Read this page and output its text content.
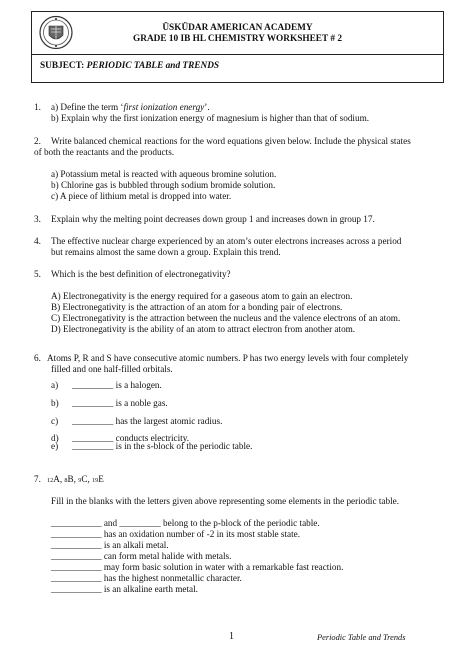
ÜSKÜDAR AMERICAN ACADEMY
GRADE 10 IB HL CHEMISTRY WORKSHEET # 2
SUBJECT: PERIODIC TABLE and TRENDS
1. a) Define the term ‘first ionization energy’.
b) Explain why the first ionization energy of magnesium is higher than that of sodium.
2. Write balanced chemical reactions for the word equations given below. Include the physical states
of both the reactants and the products.
a) Potassium metal is reacted with aqueous bromine solution.
b) Chlorine gas is bubbled through sodium bromide solution.
c) A piece of lithium metal is dropped into water.
3. Explain why the melting point decreases down group 1 and increases down in group 17.
4. The effective nuclear charge experienced by an atom’s outer electrons increases across a period
but remains almost the same down a group. Explain this trend.
5. Which is the best definition of electronegativity?
A) Electronegativity is the energy required for a gaseous atom to gain an electron.
B) Electronegativity is the attraction of an atom for a bonding pair of electrons.
C) Electronegativity is the attraction between the nucleus and the valence electrons of an atom.
D) Electronegativity is the ability of an atom to attract electron from another atom.
6. Atoms P, R and S have consecutive atomic numbers. P has two energy levels with four completely
filled and one half-filled orbitals.
a) _________ is a halogen.
b) _________ is a noble gas.
c) _________ has the largest atomic radius.
d) _________ conducts electricity.
e) _________ is in the s-block of the periodic table.
7. 12A, 8B, 9C, 19E
Fill in the blanks with the letters given above representing some elements in the periodic table.
___________ and _________ belong to the p-block of the periodic table.
___________ has an oxidation number of -2 in its most stable state.
___________ is an alkali metal.
___________ can form metal halide with metals.
___________ may form basic solution in water with a remarkable fast reaction.
___________ has the highest nonmetallic character.
___________ is an alkaline earth metal.
1	Periodic Table and Trends
